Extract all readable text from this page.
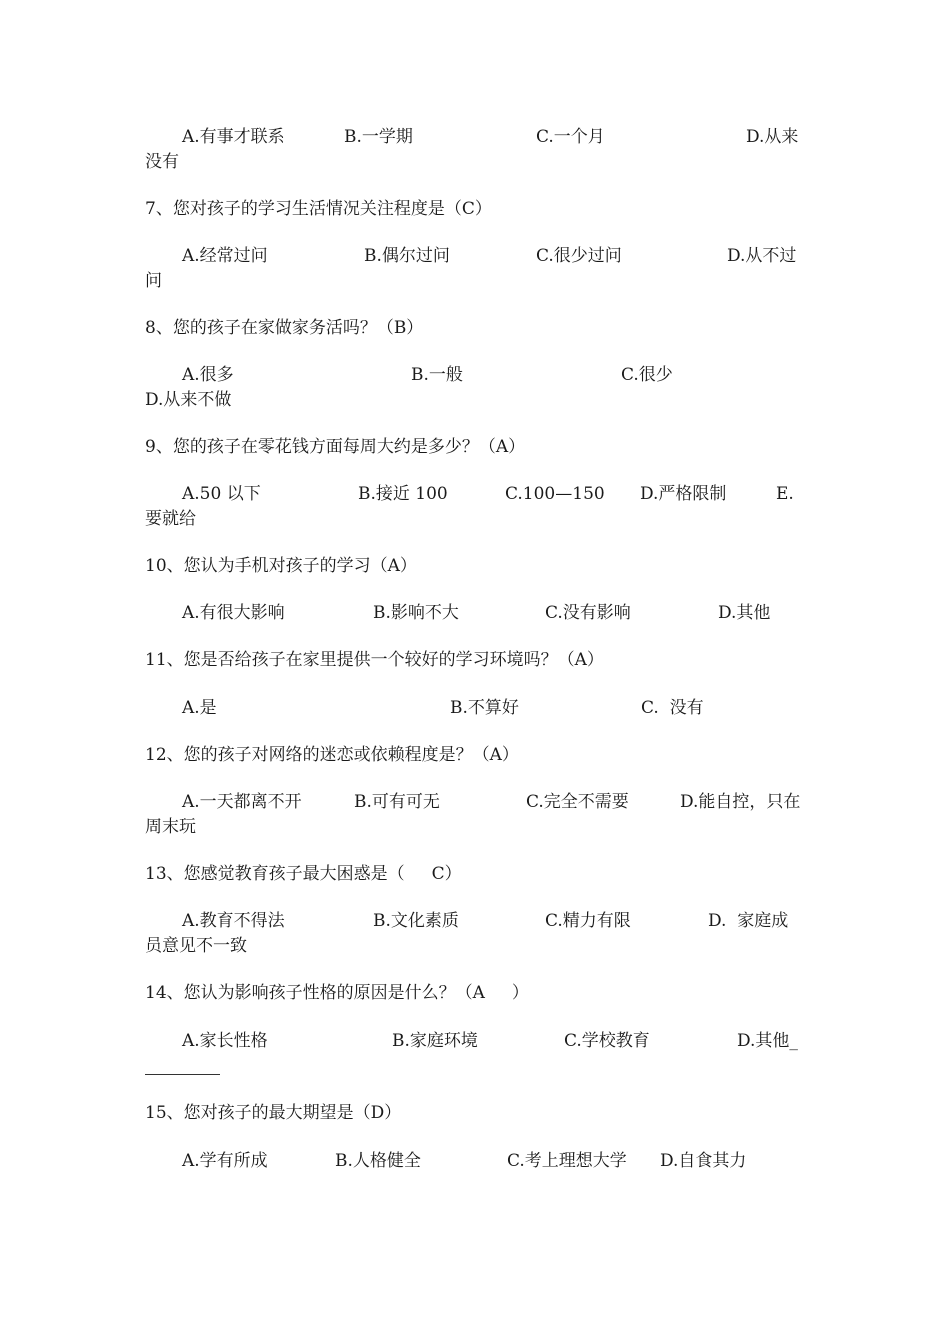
A.有事才联系	B.一学期	C.一个月	D.从来
没有
7、您对孩子的学习生活情况关注程度是（C）
A.经常过问	B.偶尔过问	C.很少过问	D.从不过
问
8、您的孩子在家做家务活吗？（B）
A.很多	B.一般	C.很少
D.从来不做
9、您的孩子在零花钱方面每周大约是多少？（A）
A.50 以下	B.接近 100	C.100—150 D.严格限制	E.
要就给
10、您认为手机对孩子的学习（A）
A.有很大影响	B.影响不大	C.没有影响	D.其他
11、您是否给孩子在家里提供一个较好的学习环境吗？（A）
A.是	B.不算好	C.  没有
12、您的孩子对网络的迷恋或依赖程度是？（A）
A.一天都离不开	B.可有可无	C.完全不需要	D.能自控，只在
周末玩
13、您感觉教育孩子最大困惑是（     C）
A.教育不得法	B.文化素质	C.精力有限	D.  家庭成
员意见不一致
14、您认为影响孩子性格的原因是什么？（A     ）
A.家长性格	B.家庭环境	C.学校教育	D.其他_
15、您对孩子的最大期望是（D）
A.学有所成	B.人格健全	C.考上理想大学 D.自食其力
